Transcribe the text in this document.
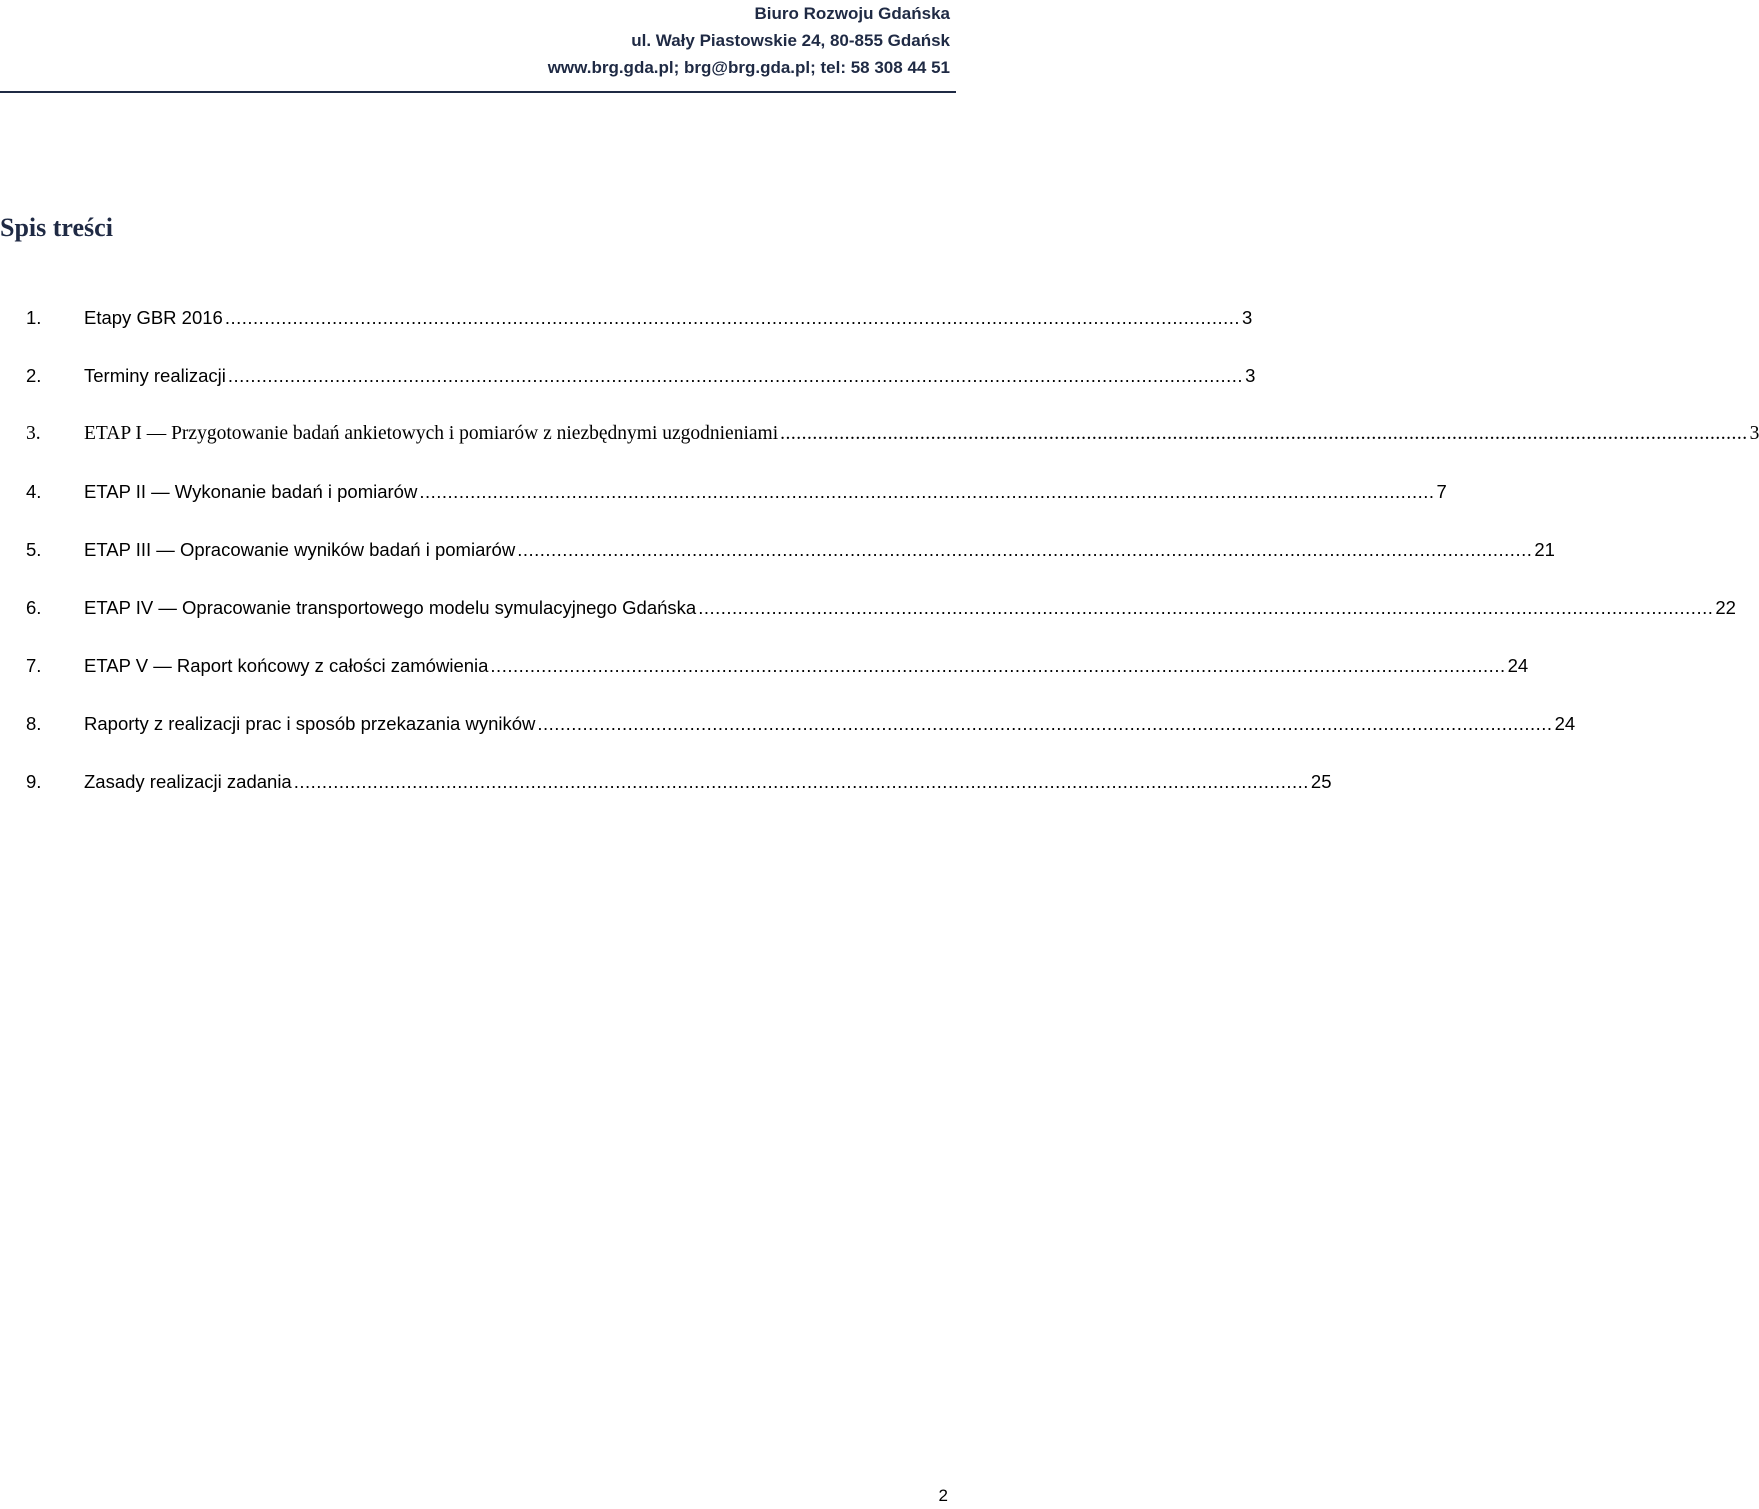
Biuro Rozwoju Gdańska
ul. Wały Piastowskie 24, 80-855 Gdańsk
www.brg.gda.pl; brg@brg.gda.pl; tel: 58 308 44 51
Spis treści
1.	Etapy GBR 2016 .................................................................................................................................................................................... 3
2.	Terminy realizacji .................................................................................................................................................................................... 3
3.	ETAP I — Przygotowanie badań ankietowych i pomiarów z niezbędnymi uzgodnieniami .................................................................................................................................................................................... 3
4.	ETAP II — Wykonanie badań i pomiarów .................................................................................................................................................................................... 7
5.	ETAP III — Opracowanie wyników badań i pomiarów .................................................................................................................................................................................... 21
6.	ETAP IV — Opracowanie transportowego modelu symulacyjnego Gdańska .................................................................................................................................................................................... 22
7.	ETAP V — Raport końcowy z całości zamówienia .................................................................................................................................................................................... 24
8.	Raporty z realizacji prac i sposób przekazania wyników .................................................................................................................................................................................... 24
9.	Zasady realizacji zadania .................................................................................................................................................................................... 25
2
